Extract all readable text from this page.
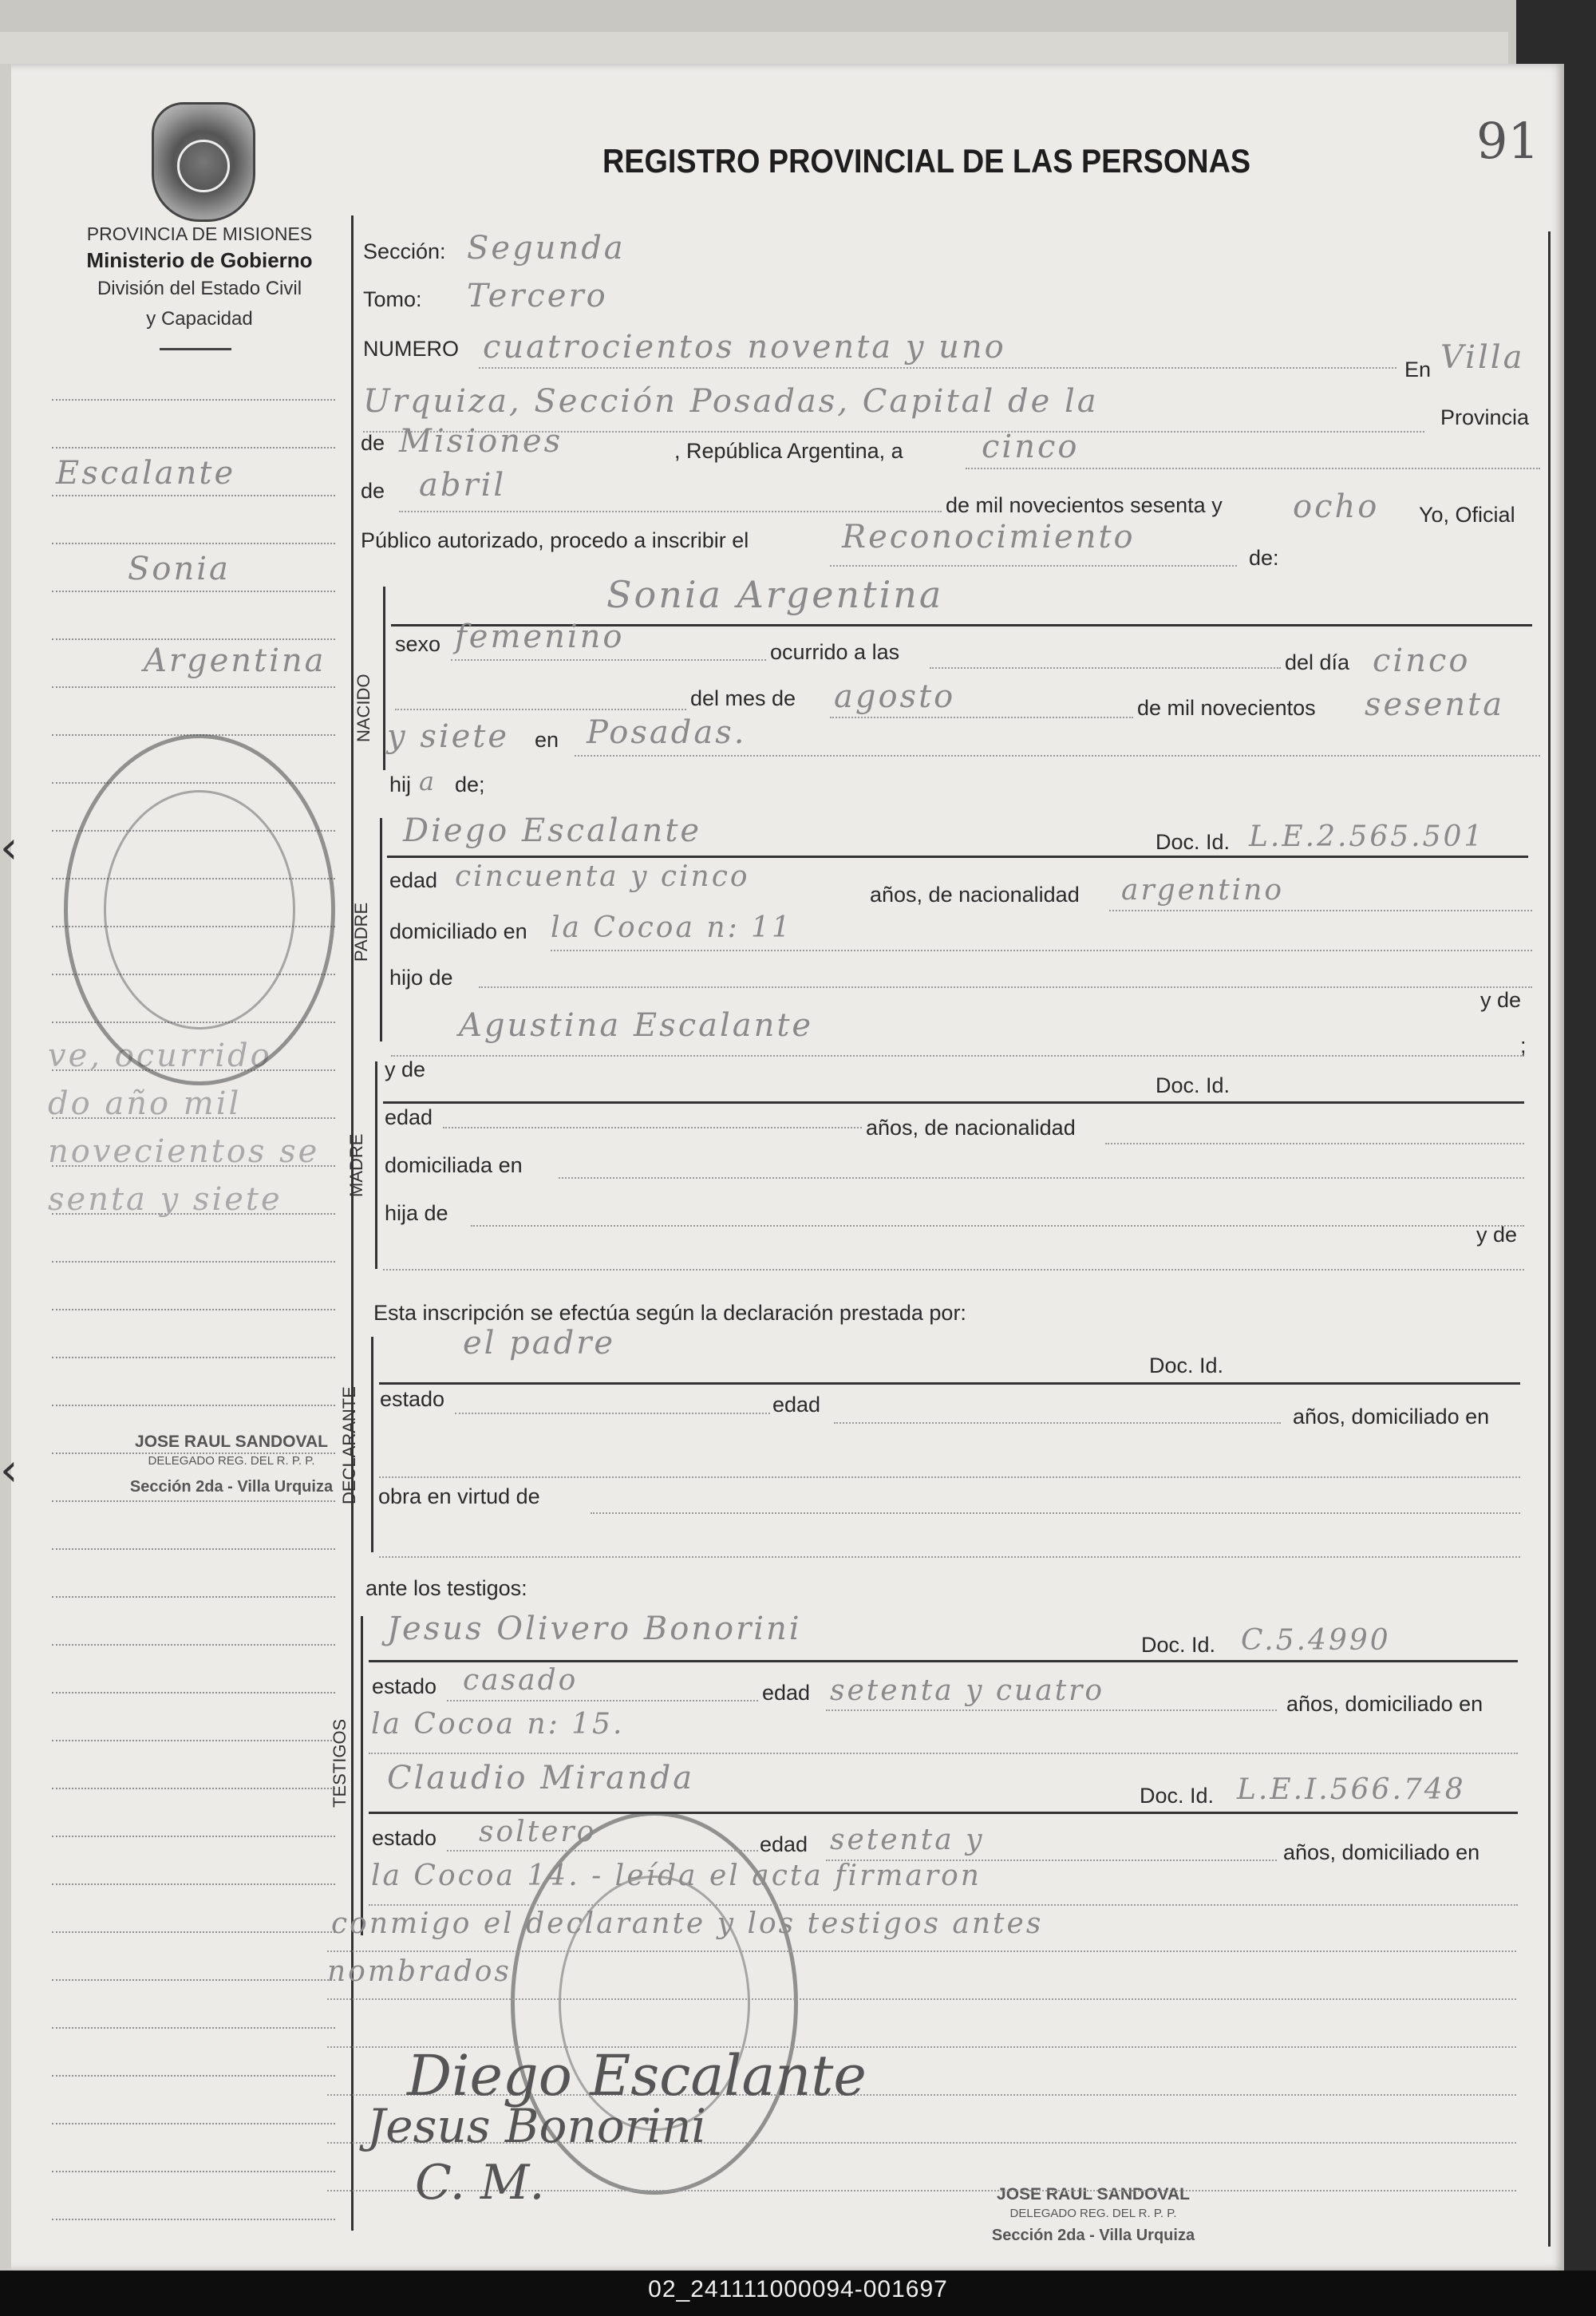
‹
‹
PROVINCIA DE MISIONES
Ministerio de Gobierno
División del Estado Civil
y Capacidad
REGISTRO PROVINCIAL DE LAS PERSONAS	91
Escalante
Sonia
Argentina
ve, ocurrido
do año mil
novecientos se
senta y siete
JOSE RAUL SANDOVAL
DELEGADO REG. DEL R. P. P.
Sección 2da - Villa Urquiza
JOSE RAUL SANDOVAL
DELEGADO REG. DEL R. P. P.
Sección 2da - Villa Urquiza
Sección: Segunda
Tomo: Tercero
NUMERO cuatrocientos noventa y uno
En Villa
Urquiza, Sección Posadas, Capital de la	Provincia
de Misiones	, República Argentina, a cinco
de abril
de mil novecientos sesenta y ocho Yo, Oficial
Público autorizado, procedo a inscribir el	Reconocimiento
de:
NACIDO
Sonia Argentina
sexo femenino	ocurrido a las	del día cinco
del mes de agosto	de mil novecientos sesenta
y siete en Posadas.
hij a de;
PADRE
Diego Escalante	Doc. Id. L.E.2.565.501
edad cincuenta y cinco
años, de nacionalidad argentino
domiciliado en la Cocoa n: 11
hijo de
y de
Agustina Escalante
;
MADRE
y de
Doc. Id.
edad	años, de nacionalidad
domiciliada en
hija de
y de
Esta inscripción se efectúa según la declaración prestada por:
DECLARANTE
el padre
Doc. Id.
estado	edad	años, domiciliado en
obra en virtud de
ante los testigos:
TESTIGOS
Jesus Olivero Bonorini	Doc. Id. C.5.4990
estado casado	edad setenta y cuatro	años, domiciliado en
la Cocoa n: 15.
Claudio Miranda	Doc. Id. L.E.I.566.748
estado soltero	edad setenta y	años, domiciliado en
la Cocoa 14. - leída el acta firmaron
conmigo el declarante y los testigos antes
nombrados
Diego Escalante
Jesus Bonorini
C. M.
02_241111000094-001697
